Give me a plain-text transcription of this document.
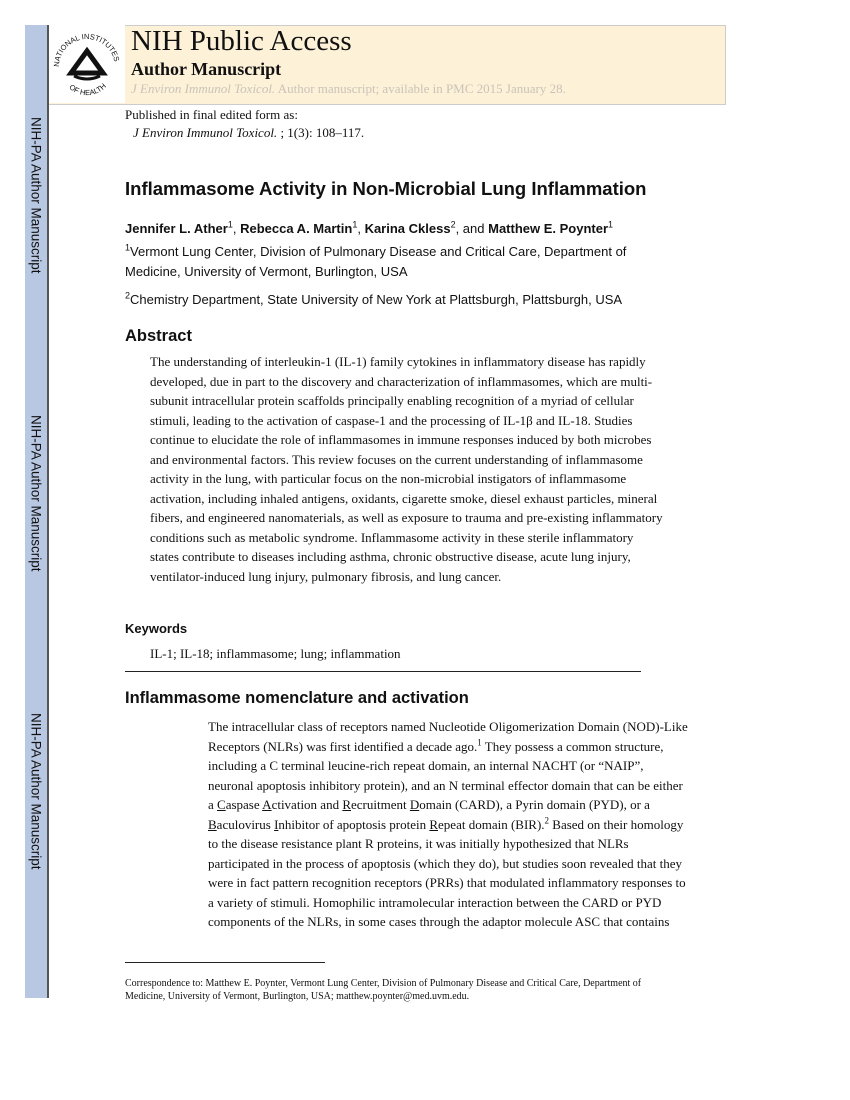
NIH-PA Author Manuscript
NIH-PA Author Manuscript
NIH-PA Author Manuscript
NATIONAL INSTITUTES
OF HEALTH
NIH Public Access
Author Manuscript
J Environ Immunol Toxicol. Author manuscript; available in PMC 2015 January 28.
Published in final edited form as:
J Environ Immunol Toxicol. ; 1(3): 108–117.
Inflammasome Activity in Non-Microbial Lung Inflammation
Jennifer L. Ather$^1$, Rebecca A. Martin$^1$, Karina Ckless$^2$, and Matthew E. Poynter$^1$
$^1$Vermont Lung Center, Division of Pulmonary Disease and Critical Care, Department of
Medicine, University of Vermont, Burlington, USA
$^2$Chemistry Department, State University of New York at Plattsburgh, Plattsburgh, USA
Abstract
The understanding of interleukin-1 (IL-1) family cytokines in inflammatory disease has rapidly
developed, due in part to the discovery and characterization of inflammasomes, which are multi-
subunit intracellular protein scaffolds principally enabling recognition of a myriad of cellular
stimuli, leading to the activation of caspase-1 and the processing of IL-1β and IL-18. Studies
continue to elucidate the role of inflammasomes in immune responses induced by both microbes
and environmental factors. This review focuses on the current understanding of inflammasome
activity in the lung, with particular focus on the non-microbial instigators of inflammasome
activation, including inhaled antigens, oxidants, cigarette smoke, diesel exhaust particles, mineral
fibers, and engineered nanomaterials, as well as exposure to trauma and pre-existing inflammatory
conditions such as metabolic syndrome. Inflammasome activity in these sterile inflammatory
states contribute to diseases including asthma, chronic obstructive disease, acute lung injury,
ventilator-induced lung injury, pulmonary fibrosis, and lung cancer.
Keywords
IL-1; IL-18; inflammasome; lung; inflammation
Inflammasome nomenclature and activation
The intracellular class of receptors named Nucleotide Oligomerization Domain (NOD)-Like
Receptors (NLRs) was first identified a decade ago.$^1$ They possess a common structure,
including a C terminal leucine-rich repeat domain, an internal NACHT (or “NAIP”,
neuronal apoptosis inhibitory protein), and an N terminal effector domain that can be either
a Caspase Activation and Recruitment Domain (CARD), a Pyrin domain (PYD), or a
Baculovirus Inhibitor of apoptosis protein Repeat domain (BIR).$^2$ Based on their homology
to the disease resistance plant R proteins, it was initially hypothesized that NLRs
participated in the process of apoptosis (which they do), but studies soon revealed that they
were in fact pattern recognition receptors (PRRs) that modulated inflammatory responses to
a variety of stimuli. Homophilic intramolecular interaction between the CARD or PYD
components of the NLRs, in some cases through the adaptor molecule ASC that contains
Correspondence to: Matthew E. Poynter, Vermont Lung Center, Division of Pulmonary Disease and Critical Care, Department of
Medicine, University of Vermont, Burlington, USA; matthew.poynter@med.uvm.edu.
